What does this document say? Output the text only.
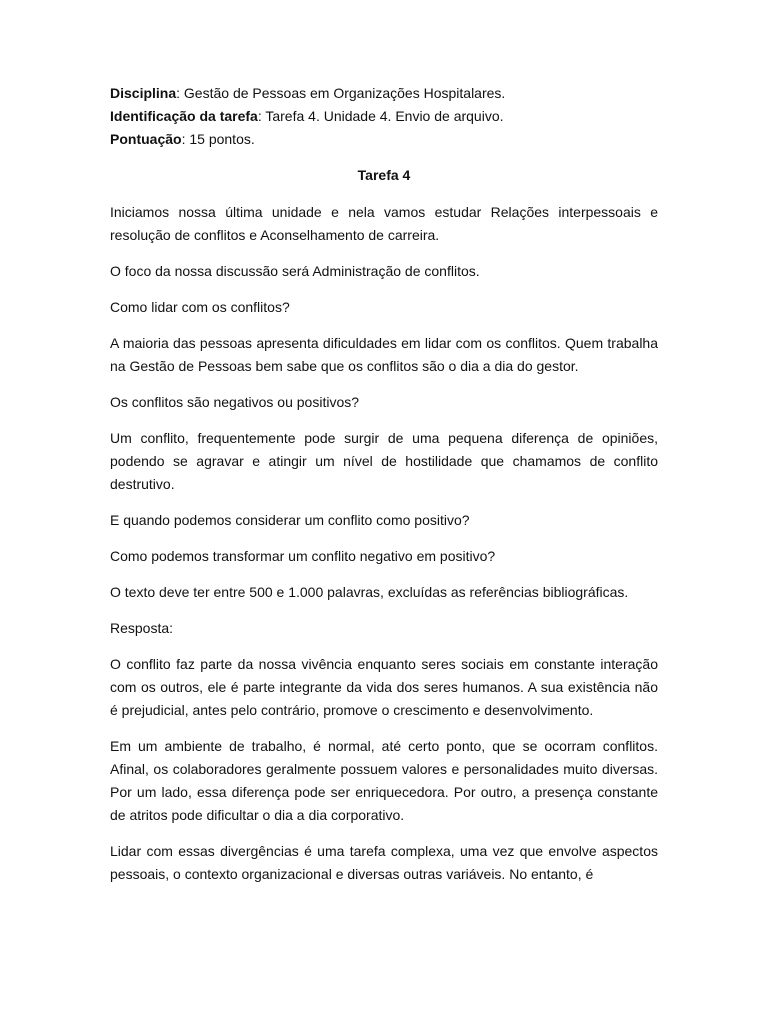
Disciplina: Gestão de Pessoas em Organizações Hospitalares.

Identificação da tarefa: Tarefa 4. Unidade 4. Envio de arquivo.

Pontuação: 15 pontos.

Tarefa 4

Iniciamos nossa última unidade e nela vamos estudar Relações interpessoais e resolução de conflitos e Aconselhamento de carreira.

O foco da nossa discussão será Administração de conflitos.

Como lidar com os conflitos?

A maioria das pessoas apresenta dificuldades em lidar com os conflitos. Quem trabalha na Gestão de Pessoas bem sabe que os conflitos são o dia a dia do gestor.

Os conflitos são negativos ou positivos?

Um conflito, frequentemente pode surgir de uma pequena diferença de opiniões, podendo se agravar e atingir um nível de hostilidade que chamamos de conflito destrutivo.

E quando podemos considerar um conflito como positivo?

Como podemos transformar um conflito negativo em positivo?

O texto deve ter entre 500 e 1.000 palavras, excluídas as referências bibliográficas.

Resposta:

O conflito faz parte da nossa vivência enquanto seres sociais em constante interação com os outros, ele é parte integrante da vida dos seres humanos. A sua existência não é prejudicial, antes pelo contrário, promove o crescimento e desenvolvimento.

Em um ambiente de trabalho, é normal, até certo ponto, que se ocorram conflitos. Afinal, os colaboradores geralmente possuem valores e personalidades muito diversas. Por um lado, essa diferença pode ser enriquecedora. Por outro, a presença constante de atritos pode dificultar o dia a dia corporativo.

Lidar com essas divergências é uma tarefa complexa, uma vez que envolve aspectos pessoais, o contexto organizacional e diversas outras variáveis. No entanto, é
